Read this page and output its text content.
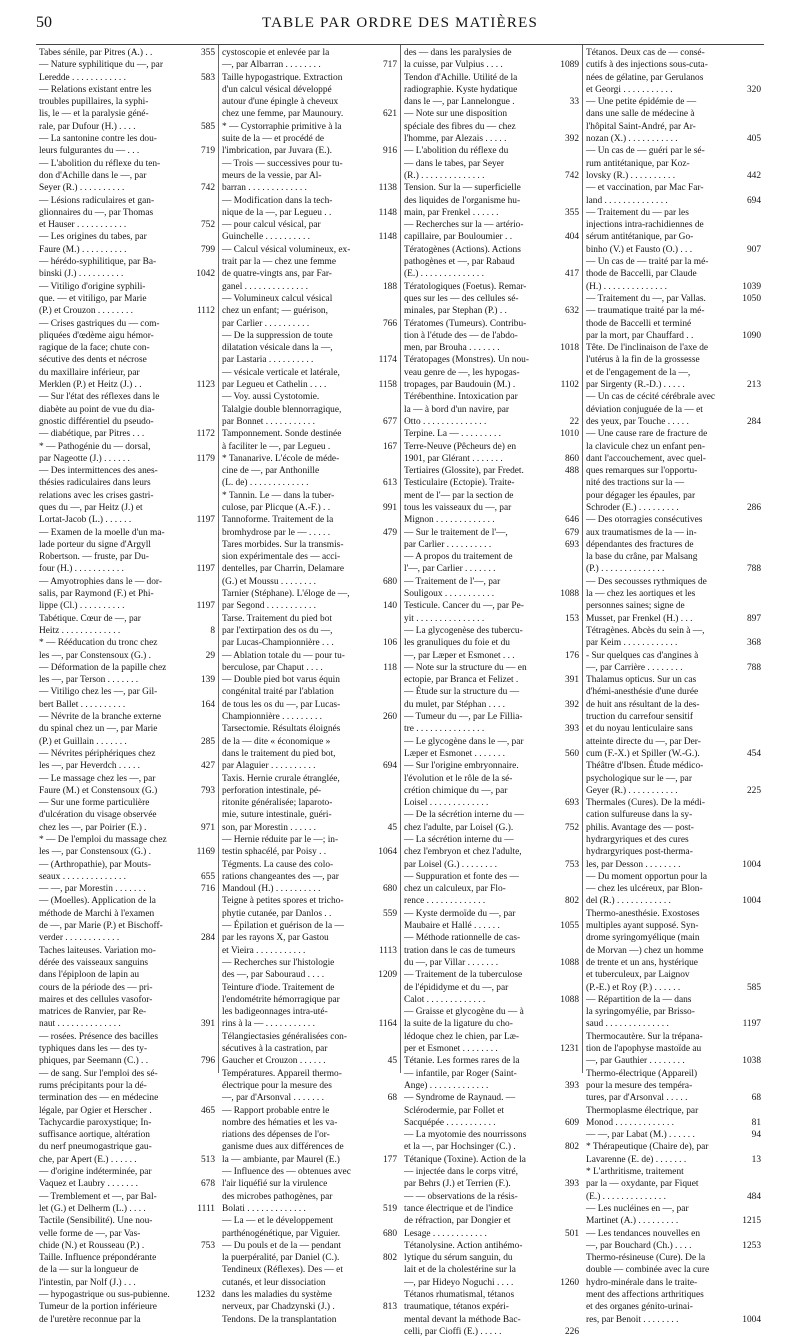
50	TABLE PAR ORDRE DES MATIÈRES
Tabes sénile, par Pitres (A.) . .	355
— Nature syphilitique du —, par
Leredde . . . . . . . . . . . .	583
— Relations existant entre les
troubles pupillaires, la syphi-
lis, le — et la paralysie géné-
rale, par Dufour (H.) . . . .	585
— La santonine contre les dou-
leurs fulgurantes du — . . .	719
— L'abolition du réflexe du ten-
don d'Achille dans le —, par
Seyer (R.) . . . . . . . . . .	742
— Lésions radiculaires et gan-
glionnaires du —, par Thomas
et Hauser . . . . . . . . . . .	752
— Les origines du tabes, par
Faure (M.) . . . . . . . . . .	799
— hérédo-syphilitique, par Ba-
binski (J.) . . . . . . . . . .	1042
— Vitiligo d'origine syphili-
que. — et vitiligo, par Marie
(P.) et Crouzon . . . . . . . .	1112
— Crises gastriques du — com-
pliquées d'œdème aigu hémor-
ragique de la face; chute con-
sécutive des dents et nécrose
du maxillaire inférieur, par
Merklen (P.) et Heitz (J.) . .	1123
— Sur l'état des réflexes dans le
diabète au point de vue du dia-
gnostic différentiel du pseudo-
— diabétique, par Pitres . . .	1172
* — Pathogénie du — dorsal,
par Nageotte (J.) . . . . . .	1179
— Des intermittences des anes-
thésies radiculaires dans leurs
relations avec les crises gastri-
ques du —, par Heitz (J.) et
Lortat-Jacob (L.) . . . . . .	1197
— Examen de la moelle d'un ma-
lade porteur du signe d'Argyll
Robertson. — fruste, par Du-
four (H.) . . . . . . . . . . .	1197
— Amyotrophies dans le — dor-
salis, par Raymond (F.) et Phi-
lippe (Cl.) . . . . . . . . . .	1197
Tabétique. Cœur de —, par
Heitz . . . . . . . . . . . . .	8
* — Rééducation du tronc chez
les —, par Constensoux (G.) .	29
— Déformation de la papille chez
les —, par Terson . . . . . . .	139
— Vitiligo chez les —, par Gil-
bert Ballet . . . . . . . . . .	164
— Névrite de la branche externe
du spinal chez un —, par Marie
(P.) et Guillain . . . . . . .	285
— Névrites périphériques chez
les —, par Heverdch . . . . .	427
— Le massage chez les —, par
Faure (M.) et Constensoux (G.)	793
— Sur une forme particulière
d'ulcération du visage observée
chez les —, par Poirier (E.) .	971
* — De l'emploi du massage chez
les —, par Constensoux (G.) .	1169
— (Arthropathie), par Mouts-
seaux . . . . . . . . . . . . . .	655
— —, par Morestin . . . . . . .	716
— (Moelles). Application de la
méthode de Marchi à l'examen
de —, par Marie (P.) et Bischoff-
verder . . . . . . . . . . . .	284
Taches laiteuses. Variation mo-
dérée des vaisseaux sanguins
dans l'épiploon de lapin au
cours de la période des — pri-
maires et des cellules vasofor-
matrices de Ranvier, par Re-
naut . . . . . . . . . . . . . .	391
— rosées. Présence des bacilles
typhiques dans les — des ty-
phiques, par Seemann (C.) . .	796
— de sang. Sur l'emploi des sé-
rums précipitants pour la dé-
termination des — en médecine
légale, par Ogier et Herscher .	465
Tachycardie paroxystique; In-
suffisance aortique, altération
du nerf pneumogastrique gau-
che, par Apert (E.) . . . . . .	513
— d'origine indéterminée, par
Vaquez et Laubry . . . . . . .	678
— Tremblement et —, par Bal-
let (G.) et Delherm (L.) . . . .	1111
Tactile (Sensibilité). Une nou-
velle forme de —, par Vas-
chide (N.) et Rousseau (P.) .	753
Taille. Influence prépondérante
de la — sur la longueur de
l'intestin, par Nolf (J.) . . .
— hypogastrique ou sus-pubienne.	1232
Tumeur de la portion inférieure
de l'uretère reconnue par la
cystoscopie et enlevée par la
—, par Albarran . . . . . . . .	717
Taille hypogastrique. Extraction
d'un calcul vésical développé
autour d'une épingle à cheveux
chez une femme, par Maunoury.	621
* — Cystorraphie primitive à la
suite de la — et procédé de
l'imbrication, par Juvara (E.).	916
— Trois — successives pour tu-
meurs de la vessie, par Al-
barran . . . . . . . . . . . . .	1138
— Modification dans la tech-
nique de la —, par Legueu . .	1148
— pour calcul vésical, par
Guinchelle . . . . . . . . . .	1148
— Calcul vésical volumineux, ex-
trait par la — chez une femme
de quatre-vingts ans, par Far-
ganel . . . . . . . . . . . . . .	188
— Volumineux calcul vésical
chez un enfant; — guérison,
par Carlier . . . . . . . . . .	766
— De la suppression de toute
dilatation vésicale dans la —,
par Lastaria . . . . . . . . . .	1174
— vésicale verticale et latérale,
par Legueu et Cathelin . . . .	1158
— Voy. aussi Cystotomie.
Talalgie double blennorragique,
par Bonnet . . . . . . . . . . .	677
Tamponnement. Sonde destinée
à faciliter le —, par Legueu .	167
* Tananarive. L'école de méde-
cine de —, par Anthonille
(L. de) . . . . . . . . . . . . .	613
* Tannin. Le — dans la tuber-
culose, par Plicque (A.-F.) . .	991
Tannoforme. Traitement de la
bromhydrose par le — . . . . .	479
Tares morbides. Sur la transmis-
sion expérimentale des — acci-
dentelles, par Charrin, Delamare
(G.) et Moussu . . . . . . . .	680
Tarnier (Stéphane). L'éloge de —,
par Segond . . . . . . . . . . .	140
Tarse. Traitement du pied bot
par l'extirpation des os du —,
par Lucas-Championnière . . .	106
— Ablation totale du — pour tu-
berculose, par Chaput . . . .	118
— Double pied bot varus équin
congénital traité par l'ablation
de tous les os du —, par Lucas-
Championnière . . . . . . . . .	260
Tarsectomie. Résultats éloignés
de la — dite « économique »
dans le traitement du pied bot,
par Alaguier . . . . . . . . . .	694
Taxis. Hernie crurale étranglée,
perforation intestinale, pé-
ritonite généralisée; laparoto-
mie, suture intestinale, guéri-
son, par Morestin . . . . . .	45
— Hernie réduite par le —; in-
testin sphacélé, par Poisy . .	1064
Tégments. La cause des colo-
rations changeantes des —, par
Mandoul (H.) . . . . . . . . . .	680
Teigne à petites spores et tricho-
phytie cutanée, par Danlos . .	559
— Épilation et guérison de la —
par les rayons X, par Gastou
et Vieira . . . . . . . . . . .	1113
— Recherches sur l'histologie
des —, par Sabouraud . . . .	1209
Teinture d'iode. Traitement de
l'endométrite hémorragique par
les badigeonnages intra-uté-
rins à la — . . . . . . . . . . .	1164
Télangiectasies généralisées con-
sécutives à la castration, par
Gaucher et Crouzon . . . . . .	45
Températures. Appareil thermo-
électrique pour la mesure des
—, par d'Arsonval . . . . . . .	68
— Rapport probable entre le
nombre des hématies et les va-
riations des dépenses de l'or-
ganisme dues aux différences de
la — ambiante, par Maurel (E.)	177
— Influence des — obtenues avec
l'air liquéfié sur la virulence
des microbes pathogènes, par
Bolati . . . . . . . . . . . . .	519
— La — et le développement
parthénogénétique, par Viguier.	680
— Du pouls et de la — pendant
la puerpéralité, par Daniel (C.).	802
Tendineux (Réflexes). Des — et
cutanés, et leur dissociation
dans les maladies du système
nerveux, par Chadzynski (J.) .	813
Tendons. De la transplantation
des — dans les paralysies de
la cuisse, par Vulpius . . . .	1089
Tendon d'Achille. Utilité de la
radiographie. Kyste hydatique
dans le —, par Lannelongue .	33
— Note sur une disposition
spéciale des fibres du — chez
l'homme, par Alezais . . . . .	392
— L'abolition du réflexe du
— dans le tabes, par Seyer
(R.) . . . . . . . . . . . . . .	742
Tension. Sur la — superficielle
des liquides de l'organisme hu-
main, par Frenkel . . . . . .	355
— Recherches sur la — artério-
capillaire, par Bouloumier . .	404
Tératogènes (Actions). Actions
pathogènes et —, par Rabaud
(E.) . . . . . . . . . . . . . .	417
Tératologiques (Foetus). Remar-
ques sur les — des cellules sé-
minales, par Stephan (P.) . .	632
Tératomes (Tumeurs). Contribu-
tion à l'étude des — de l'abdo-
men, par Brouha . . . . . . .	1018
Tératopages (Monstres). Un nou-
veau genre de —, les hypogas-
tropages, par Baudouin (M.) .	1102
Térébenthine. Intoxication par
la — à bord d'un navire, par
Otto . . . . . . . . . . . . . .	22
Terpine. La — . . . . . . . . .	1010
Terre-Neuve (Pêcheurs de) en
1901, par Glérant . . . . . . .	860
Tertiaires (Glossite), par Fredet.	488
Testiculaire (Ectopie). Traite-
ment de l'— par la section de
tous les vaisseaux du —, par
Mignon . . . . . . . . . . . . .	646
— Sur le traitement de l'—,	679
par Carlier . . . . . . . . . .	693
— A propos du traitement de
l'—, par Carlier . . . . . . .
— Traitement de l'—, par
Souligoux . . . . . . . . . . .	1088
Testicule. Cancer du —, par Pe-
yit . . . . . . . . . . . . . . .	153
— La glycogenèse des tubercu-
les granuliques du foie et du
—, par Læper et Esmonet . . .	176
— Note sur la structure du — en
ectopie, par Branca et Felizet .	391
— Étude sur la structure du —
du mulet, par Stéphan . . . .	392
— Tumeur du —, par Le Fillia-
tre . . . . . . . . . . . . . . .	393
— Le glycogène dans le —, par
Læper et Esmonet . . . . . . .	560
— Sur l'origine embryonnaire.
l'évolution et le rôle de la sé-
crétion chimique du —, par
Loisel . . . . . . . . . . . . .	693
— De la sécrétion interne du —
chez l'adulte, par Loisel (G.).	752
— La sécrétion interne du —
chez l'embryon et chez l'adulte,
par Loisel (G.) . . . . . . . .	753
— Suppuration et fonte des —
chez un calculeux, par Flo-
rence . . . . . . . . . . . . .	802
— Kyste dermoïde du —, par
Maubaire et Hallé . . . . . .	1055
— Méthode rationnelle de cas-
tration dans le cas de tumeurs
du —, par Villar . . . . . . .	1088
— Traitement de la tuberculose
de l'épididyme et du —, par
Calot . . . . . . . . . . . . .	1088
— Graisse et glycogène du — à
la suite de la ligature du cho-
lédoque chez le chien, par Læ-
per et Esmonet . . . . . . . .	1231
Tétanie. Les formes rares de la
— infantile, par Roger (Saint-
Ange) . . . . . . . . . . . . .	393
— Syndrome de Raynaud. —
Sclérodermie, par Follet et
Sacquépée . . . . . . . . . . .	609
— La myotomie des nourrissons
et la —, par Hochsinger (C.) .	802
Tétanique (Toxine). Action de la
— injectée dans le corps vitré,
par Behrs (J.) et Terrien (F.).	393
— — observations de la résis-
tance électrique et de l'indice
de réfraction, par Dongier et
Lesage . . . . . . . . . . . .	501
Tétanolysine. Action antihémo-
lytique du sérum sanguin, du
lait et de la cholestérine sur la
—, par Hideyo Noguchi . . . .	1260
Tétanos rhumatismal, tétanos
traumatique, tétanos expéri-
mental devant la méthode Bac-
celli, par Cioffi (E.) . . . . .	226
Tétanos. Deux cas de — consé-
cutifs à des injections sous-cuta-
nées de gélatine, par Gerulanos
et Georgi . . . . . . . . . . .	320
— Une petite épidémie de —
dans une salle de médecine à
l'hôpital Saint-André, par Ar-
nozan (X.) . . . . . . . . . . .	405
— Un cas de — guéri par le sé-
rum antitétanique, par Koz-
lovsky (R.) . . . . . . . . . .	442
— et vaccination, par Mac Far-
land . . . . . . . . . . . . . .	694
— Traitement du — par les
injections intra-rachidiennes de
sérum antitétanique, par Go-
binho (V.) et Fausto (O.) . . .	907
— Un cas de — traité par la mé-
thode de Baccelli, par Claude
(H.) . . . . . . . . . . . . . .	1039
— Traitement du —, par Vallas.	1050
— traumatique traité par la mé-
thode de Baccelli et terminé
par la mort, par Chauffard . .	1090
Tête. De l'inclinaison de l'axe de
l'utérus à la fin de la grossesse
et de l'engagement de la —,
par Sirgenty (R.-D.) . . . . .	213
— Un cas de cécité cérébrale avec
déviation conjuguée de la — et
des yeux, par Touche . . . . .	284
— Une cause rare de fracture de
la clavicule chez un enfant pen-
dant l'accouchement, avec quel-
ques remarques sur l'opportu-
nité des tractions sur la —
pour dégager les épaules, par
Schroder (E.) . . . . . . . . .	286
— Des otorragies consécutives
aux traumatismes de la — in-
dépendantes des fractures de
la base du crâne, par Malsang
(P.) . . . . . . . . . . . . . .	788
— Des secousses rythmiques de
la — chez les aortiques et les
personnes saines; signe de
Musset, par Frenkel (H.) . . .	897
Tétragènes. Abcès du sein à —,
par Keim . . . . . . . . . . . .	368
- Sur quelques cas d'angines à
—, par Carrière . . . . . . . .	788
Thalamus opticus. Sur un cas
d'hémi-anesthésie d'une durée
de huit ans résultant de la des-
truction du carrefour sensitif
et du noyau lenticulaire sans
atteinte directe du —, par Der-
cum (F.-X.) et Spiller (W.-G.).	454
Théâtre d'Ibsen. Étude médico-
psychologique sur le —, par
Geyer (R.) . . . . . . . . . . .	225
Thermales (Cures). De la médi-
cation sulfureuse dans la sy-
philis. Avantage des — post-
hydrargyriques et des cures
hydrargyriques post-therma-
les, par Desson . . . . . . . .	1004
— Du moment opportun pour la
— chez les ulcéreux, par Blon-
del (R.) . . . . . . . . . . . .	1004
Thermo-anesthésie. Exostoses
multiples ayant supposé. Syn-
drome syringomyélique (main
de Morvan —) chez un homme
de trente et un ans, hystérique
et tuberculeux, par Laignov
(P.-E.) et Roy (P.) . . . . . .	585
— Répartition de la — dans
la syringomyélie, par Brisso-
saud . . . . . . . . . . . . . .	1197
Thermocautère. Sur la trépana-
tion de l'apophyse mastoïde au
—, par Gauthier . . . . . . . .	1038
Thermo-électrique (Appareil)
pour la mesure des tempéra-
tures, par d'Arsonval . . . . .	68
Thermoplasme électrique, par
Monod . . . . . . . . . . . . .	81
— —, par Labat (M.) . . . . . .	94
* Thérapeutique (Chaire de), par
Lavarenne (E. de) . . . . . . .	13
* L'arthritisme, traitement
par la — oxydante, par Fiquet
(E.) . . . . . . . . . . . . . .	484
— Les nucléines en —, par
Martinet (A.) . . . . . . . . .	1215
— Les tendances nouvelles en
—, par Bouchard (Ch.) . . . .	1253
Thermo-résineuse (Cure). De la
double — combinée avec la cure
hydro-minérale dans le traite-
ment des affections arthritiques
et des organes génito-urinai-
res, par Benoit . . . . . . . .	1004
